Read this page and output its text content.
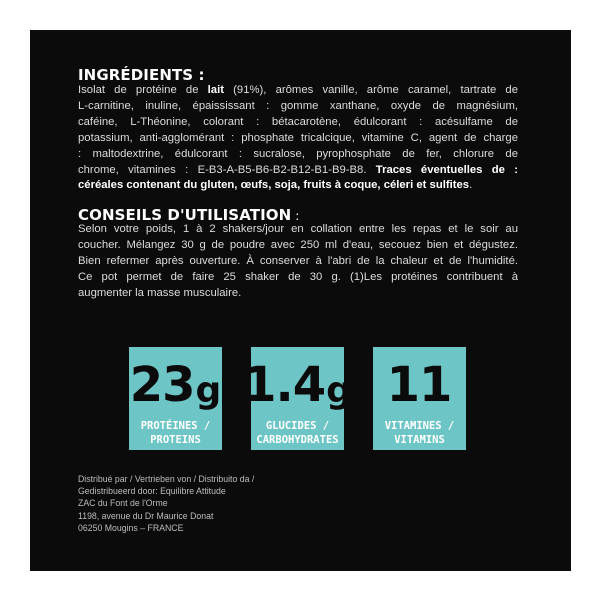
INGRÉDIENTS :
Isolat de protéine de lait (91%), arômes vanille, arôme caramel, tartrate de
L-carnitine, inuline, épaississant : gomme xanthane, oxyde de magnésium,
caféine, L-Théonine, colorant : bétacarotène, édulcorant : acésulfame de
potassium, anti-agglomérant : phosphate tricalcique, vitamine C, agent de charge
: maltodextrine, édulcorant : sucralose, pyrophosphate de fer, chlorure de
chrome, vitamines : E-B3-A-B5-B6-B2-B12-B1-B9-B8. Traces éventuelles de :
céréales contenant du gluten, œufs, soja, fruits à coque, céleri et sulfites.
CONSEILS D'UTILISATION :
Selon votre poids, 1 à 2 shakers/jour en collation entre les repas et le soir au
coucher. Mélangez 30 g de poudre avec 250 ml d'eau, secouez bien et dégustez.
Bien refermer après ouverture. À conserver à l'abri de la chaleur et de l'humidité.
Ce pot permet de faire 25 shaker de 30 g. (1)Les protéines contribuent à
augmenter la masse musculaire.
23 g
PROTÉINES /
PROTEINS
1.4 g
GLUCIDES /
CARBOHYDRATES
11
VITAMINES /
VITAMINS
Distribué par / Vertrieben von / Distribuito da /
Gedistribueerd door: Equilibre Attitude
ZAC du Font de l'Orme
1198, avenue du Dr Maurice Donat
06250 Mougins – FRANCE
